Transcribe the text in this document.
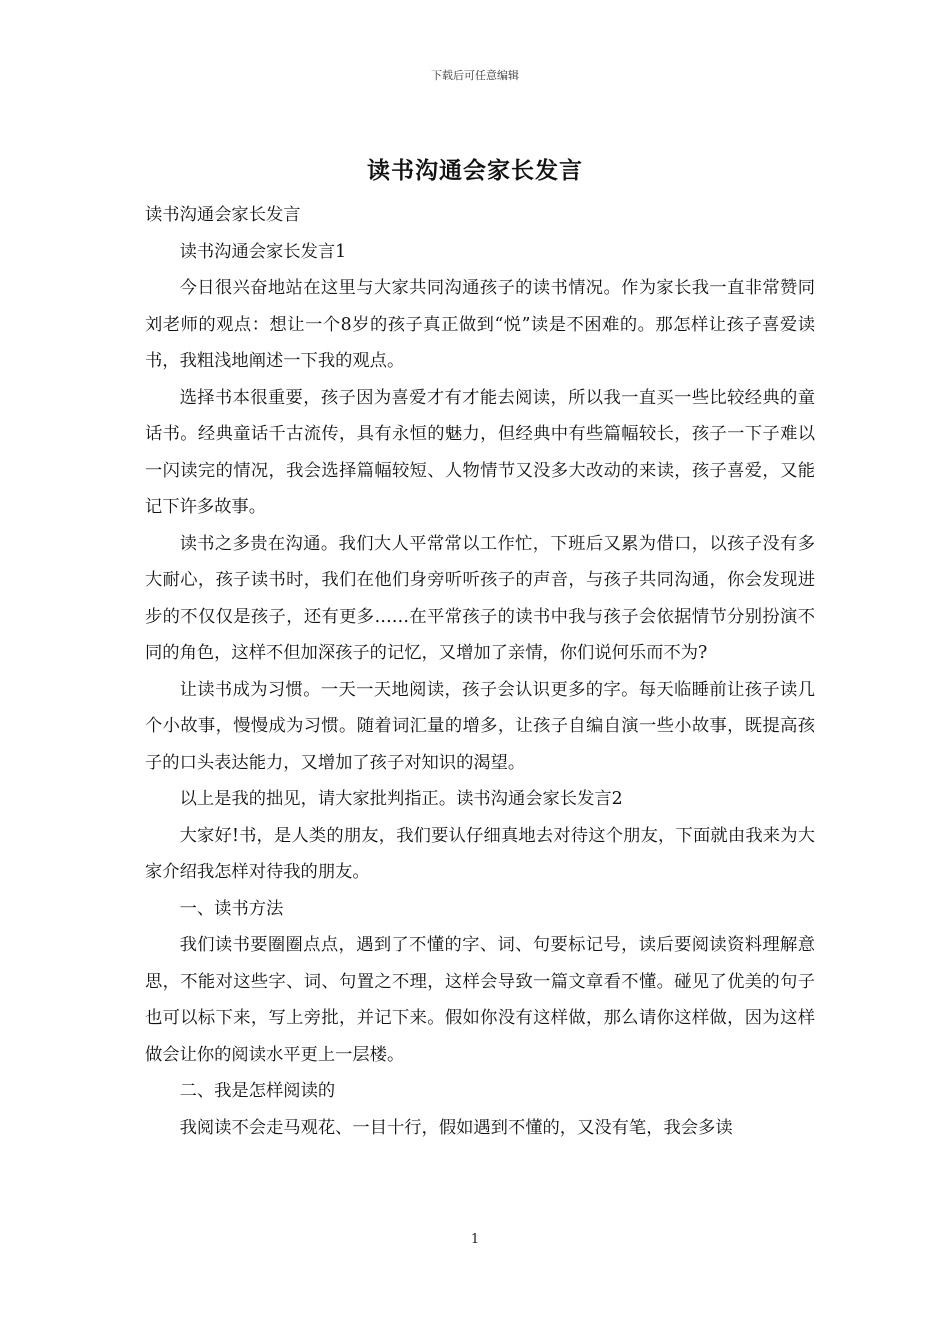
下载后可任意编辑
读书沟通会家长发言

读书沟通会家长发言

读书沟通会家长发言1

今日很兴奋地站在这里与大家共同沟通孩子的读书情况。作为家长我一直非常赞同刘老师的观点：想让一个8岁的孩子真正做到“悦”读是不困难的。那怎样让孩子喜爱读书，我粗浅地阐述一下我的观点。

选择书本很重要，孩子因为喜爱才有才能去阅读，所以我一直买一些比较经典的童话书。经典童话千古流传，具有永恒的魅力，但经典中有些篇幅较长，孩子一下子难以一闪读完的情况，我会选择篇幅较短、人物情节又没多大改动的来读，孩子喜爱，又能记下许多故事。

读书之多贵在沟通。我们大人平常常以工作忙，下班后又累为借口，以孩子没有多大耐心，孩子读书时，我们在他们身旁听听孩子的声音，与孩子共同沟通，你会发现进步的不仅仅是孩子，还有更多……在平常孩子的读书中我与孩子会依据情节分别扮演不同的角色，这样不但加深孩子的记忆，又增加了亲情，你们说何乐而不为?

让读书成为习惯。一天一天地阅读，孩子会认识更多的字。每天临睡前让孩子读几个小故事，慢慢成为习惯。随着词汇量的增多，让孩子自编自演一些小故事，既提高孩子的口头表达能力，又增加了孩子对知识的渴望。

以上是我的拙见，请大家批判指正。读书沟通会家长发言2

大家好!书，是人类的朋友，我们要认仔细真地去对待这个朋友，下面就由我来为大家介绍我怎样对待我的朋友。

一、读书方法

我们读书要圈圈点点，遇到了不懂的字、词、句要标记号，读后要阅读资料理解意思，不能对这些字、词、句置之不理，这样会导致一篇文章看不懂。碰见了优美的句子也可以标下来，写上旁批，并记下来。假如你没有这样做，那么请你这样做，因为这样做会让你的阅读水平更上一层楼。

二、我是怎样阅读的

我阅读不会走马观花、一目十行，假如遇到不懂的，又没有笔，我会多读

1
